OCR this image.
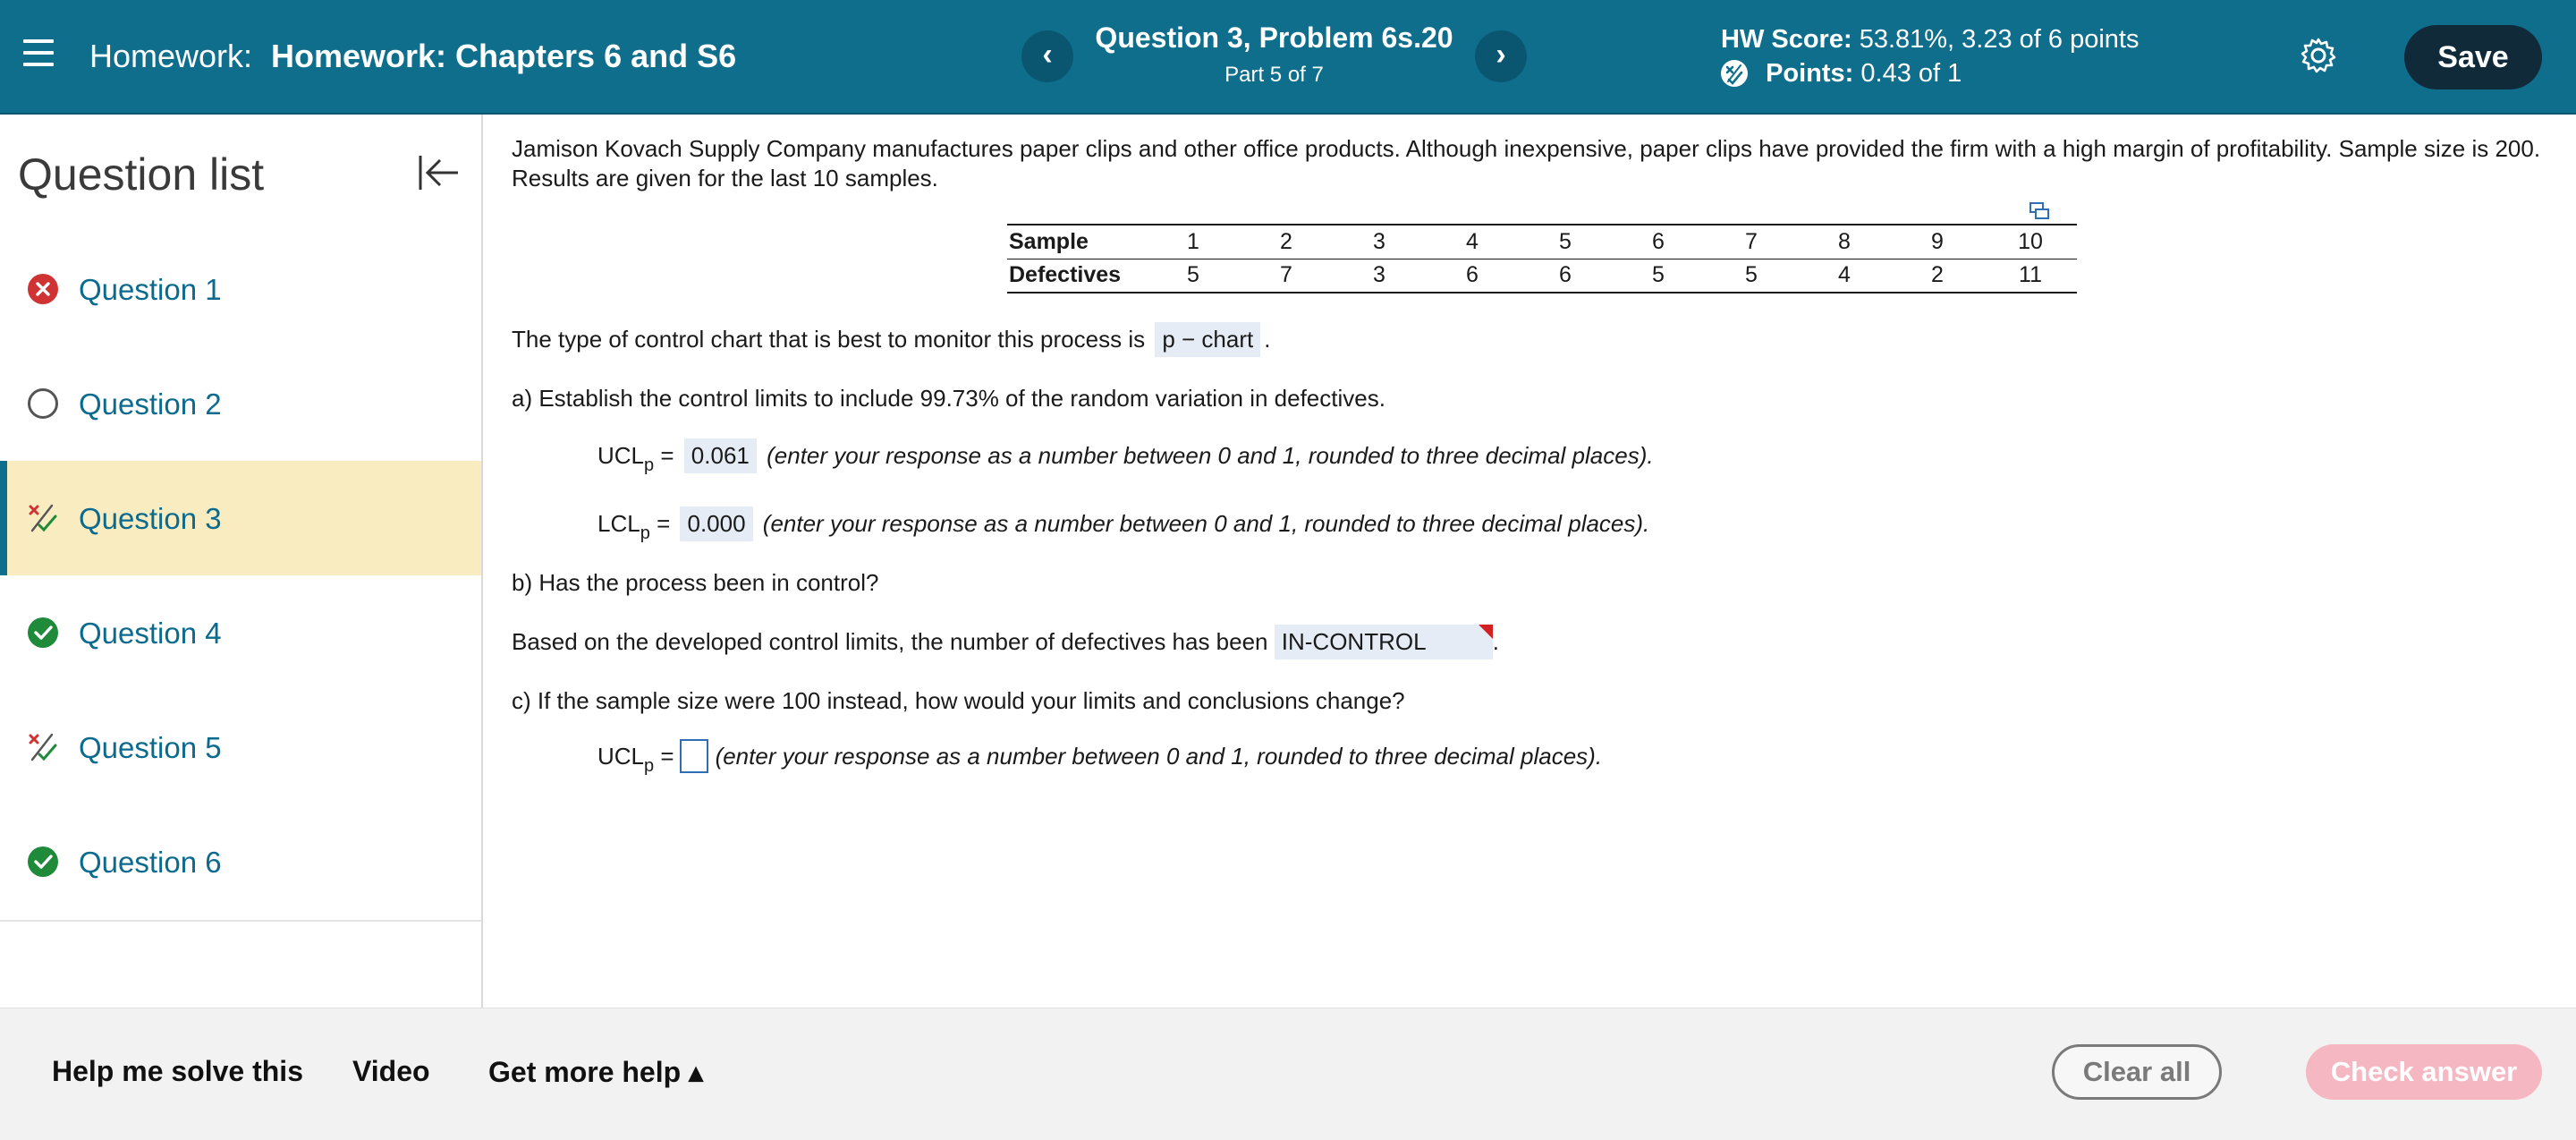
Homework: Homework: Chapters 6 and S6	‹	Question 3, Problem 6s.20
Part 5 of 7
›	HW Score: 53.81%, 3.23 of 6 points
Points: 0.43 of 1	Save
Question list
Question 1
Question 2
Question 3
Question 4
Question 5
Question 6
Jamison Kovach Supply Company manufactures paper clips and other office products. Although inexpensive, paper clips have provided the firm with a high margin of profitability. Sample size is 200. Results are given for the last 10 samples.
Sample	1	2	3	4	5	6	7	8	9	10
Defectives	5	7	3	6	6	5	5	4	2	11
The type of control chart that is best to monitor this process is p − chart .
a) Establish the control limits to include 99.73% of the random variation in defectives.
$UCL_p = 0.061$ (enter your response as a number between 0 and 1, rounded to three decimal places).
$LCL_p = 0.000$ (enter your response as a number between 0 and 1, rounded to three decimal places).
b) Has the process been in control?
Based on the developed control limits, the number of defectives has been IN-CONTROL	.
c) If the sample size were 100 instead, how would your limits and conclusions change?
$UCL_p$ = (enter your response as a number between 0 and 1, rounded to three decimal places).
Help me solve this Video Get more help ▴	Clear all	Check answer
